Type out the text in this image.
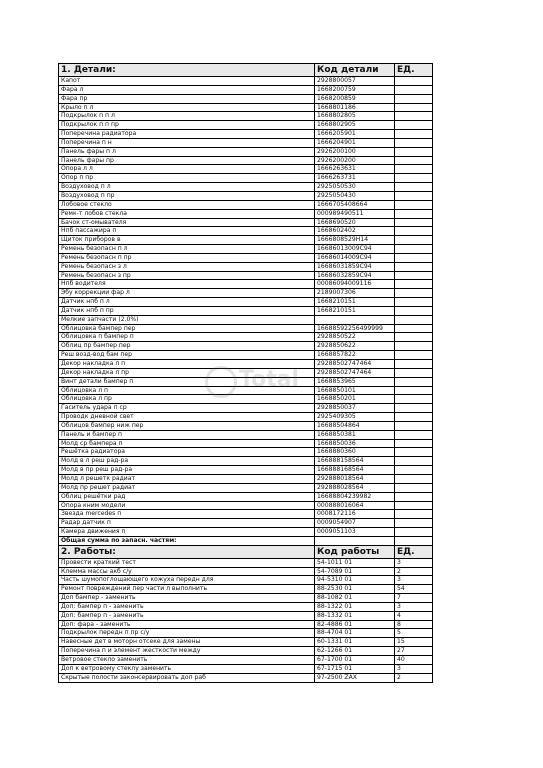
1. Детали:	Код детали	ЕД.
Капот	2928800057	
Фара л	1668200759	
Фара пр	1668200859	
Крыло п л	1668801186	
Подкрылок п п л	1668802805	
Подкрылок п п пр	1668802905	
Поперечина радиатора	1666205901	
Поперечина п н	1666204901	
Панель фары п л	2926200100	
Панель фары пр	2926200200	
Опора л л	1666263631	
Опор п пр	1666263731	
Воздуховод п л	2925050530	
Воздуховод п пр	2925050430	
Лобовое стекло	1666705408664	
Ремк-т лобов стекла	000989490511	
Бачок ст-омывателя	1668690520	
Нпб пассажира п	1668602402	
Щиток приборов в	1666808529H14	
Ремень безопасн п л	16686013009C94	
Ремень безопасн п пр	16686014009C94	
Ремень безопасн з л	16686031859C94	
Ремень безопасн з пр	16686032859C94	
Нпб водителя	00086094009116	
Эбу коррекции фар л	2189007306	
Датчик нпб п л	1668210151	
Датчик нпб п пр	1668210151	
Мелкие запчасти (2.0%)		
Облицовка бампер пер	16688592256499999	
Облицовка п бампер п	2928850522	
Облиц пр бампер пер	2928850622	
Реш возд-вод бам пер	1668857822	
Декор накладка л п	29288502747464	
Декор накладка л пр	29288502747464	
Винт детали бампер п	1668853965	
Облицовка л п	1668850101	
Облицовка л пр	1668850201	
Гаситель удара п ср	2928850037	
Проводк дневной свет	2925409305	
Облицов бампер ниж пер	16688504864	
Панель и бампер п	1668850381	
Молд ср бампера п	1668850036	
Решётка радиатора	1668880360	
Молд в л реш рад-ра	166888158564	
Молд в пр реш рад-ра	166888168564	
Молд л решетк радиат	292888018564	
Молд пр решет радиат	292888028564	
Облиц решётки рад	16688804239982	
Опора кним модели	000888016064	
Звезда mercedes п	0008172116	
Радар датчик п	0009054907	
Камера движения п	0009051103	
Общая сумма по запасн. частям:		
2. Работы:	Код работы	ЕД.
Провести краткий тест	54-1011 01	3
Клемма массы акб с/у	54-7089 01	2
Часть шумопоглощающего кожуха передн для	94-5310 01	3
Ремонт повреждений пер части л выполнить	88-2530 01	54
Доп бампер - заменить	88-1082 01	7
Доп: бампер п - заменить	88-1322 01	3
Доп: бампер п - заменить	88-1332 01	4
Доп: фара - заменить	82-4886 01	8
Подкрылок передн п пр с/у	88-4704 01	5
Навесные дет в моторн отсеке для замены	60-1331 01	15
Поперечина п и элемент жесткости между	62-1266 01	27
Ветровое стекло заменить	67-1700 01	40
Доп к ветровому стеклу заменить	67-1715 01	3
Скрытые полости законсервировать доп раб	97-2500 ZAX	2
Total
